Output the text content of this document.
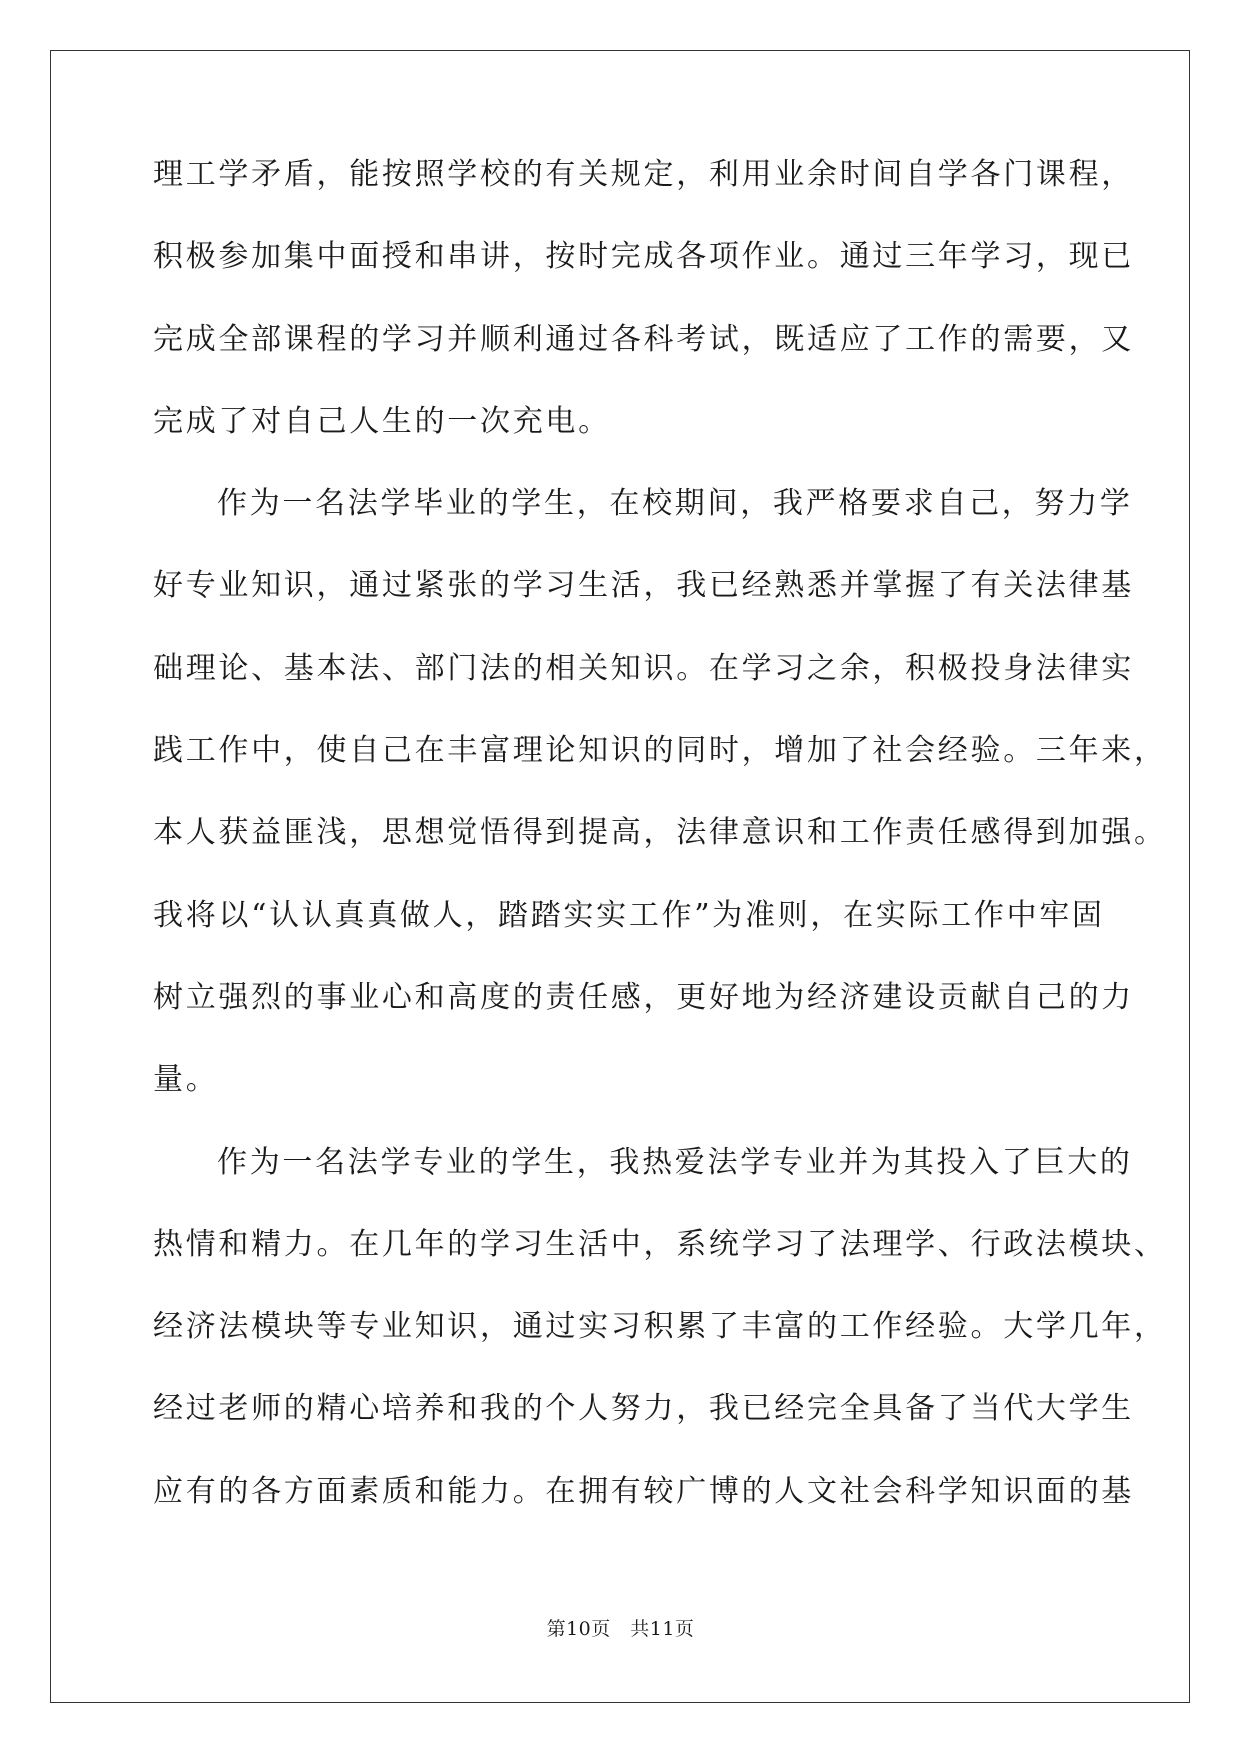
理工学矛盾，能按照学校的有关规定，利用业余时间自学各门课程，
积极参加集中面授和串讲，按时完成各项作业。通过三年学习，现已
完成全部课程的学习并顺利通过各科考试，既适应了工作的需要，又
完成了对自己人生的一次充电。
作为一名法学毕业的学生，在校期间，我严格要求自己，努力学
好专业知识，通过紧张的学习生活，我已经熟悉并掌握了有关法律基
础理论、基本法、部门法的相关知识。在学习之余，积极投身法律实
践工作中，使自己在丰富理论知识的同时，增加了社会经验。三年来，
本人获益匪浅，思想觉悟得到提高，法律意识和工作责任感得到加强。
我将以“认认真真做人，踏踏实实工作”为准则，在实际工作中牢固
树立强烈的事业心和高度的责任感，更好地为经济建设贡献自己的力
量。
作为一名法学专业的学生，我热爱法学专业并为其投入了巨大的
热情和精力。在几年的学习生活中，系统学习了法理学、行政法模块、
经济法模块等专业知识，通过实习积累了丰富的工作经验。大学几年，
经过老师的精心培养和我的个人努力，我已经完全具备了当代大学生
应有的各方面素质和能力。在拥有较广博的人文社会科学知识面的基
第10页　共11页
